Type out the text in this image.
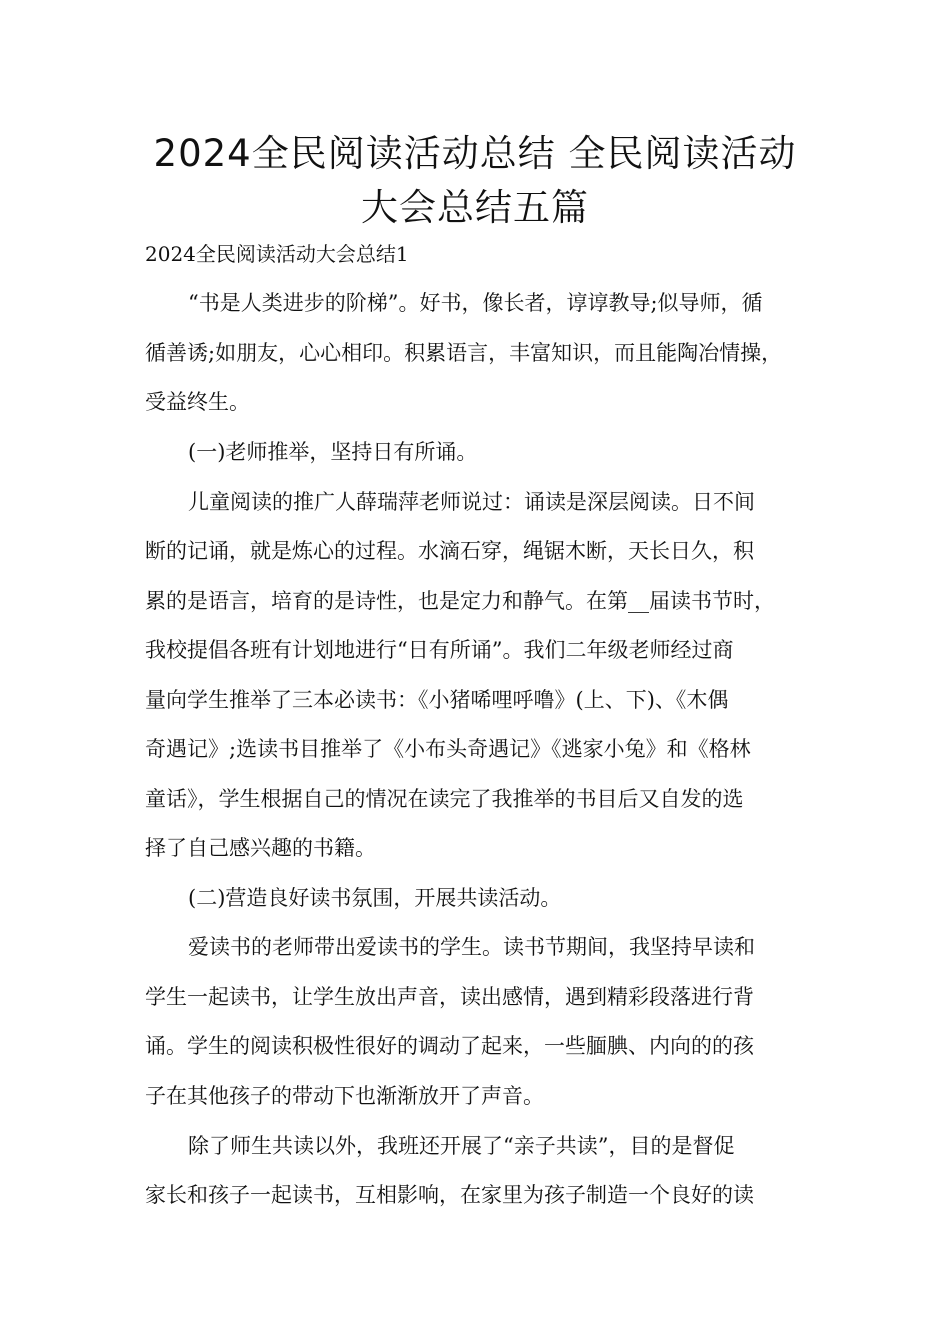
2024全民阅读活动总结 全民阅读活动
大会总结五篇

2024全民阅读活动大会总结1

“书是人类进步的阶梯”。好书，像长者，谆谆教导;似导师，循

循善诱;如朋友，心心相印。积累语言，丰富知识，而且能陶冶情操，

受益终生。

(一)老师推举，坚持日有所诵。

儿童阅读的推广人薛瑞萍老师说过：诵读是深层阅读。日不间

断的记诵，就是炼心的过程。水滴石穿，绳锯木断，天长日久，积

累的是语言，培育的是诗性，也是定力和静气。在第__届读书节时，

我校提倡各班有计划地进行“日有所诵”。我们二年级老师经过商

量向学生推举了三本必读书：《小猪唏哩呼噜》(上、下)、《木偶

奇遇记》;选读书目推举了《小布头奇遇记》《逃家小兔》和《格林

童话》，学生根据自己的情况在读完了我推举的书目后又自发的选

择了自己感兴趣的书籍。

(二)营造良好读书氛围，开展共读活动。

爱读书的老师带出爱读书的学生。读书节期间，我坚持早读和

学生一起读书，让学生放出声音，读出感情，遇到精彩段落进行背

诵。学生的阅读积极性很好的调动了起来，一些腼腆、内向的的孩

子在其他孩子的带动下也渐渐放开了声音。

除了师生共读以外，我班还开展了“亲子共读”，目的是督促

家长和孩子一起读书，互相影响，在家里为孩子制造一个良好的读
